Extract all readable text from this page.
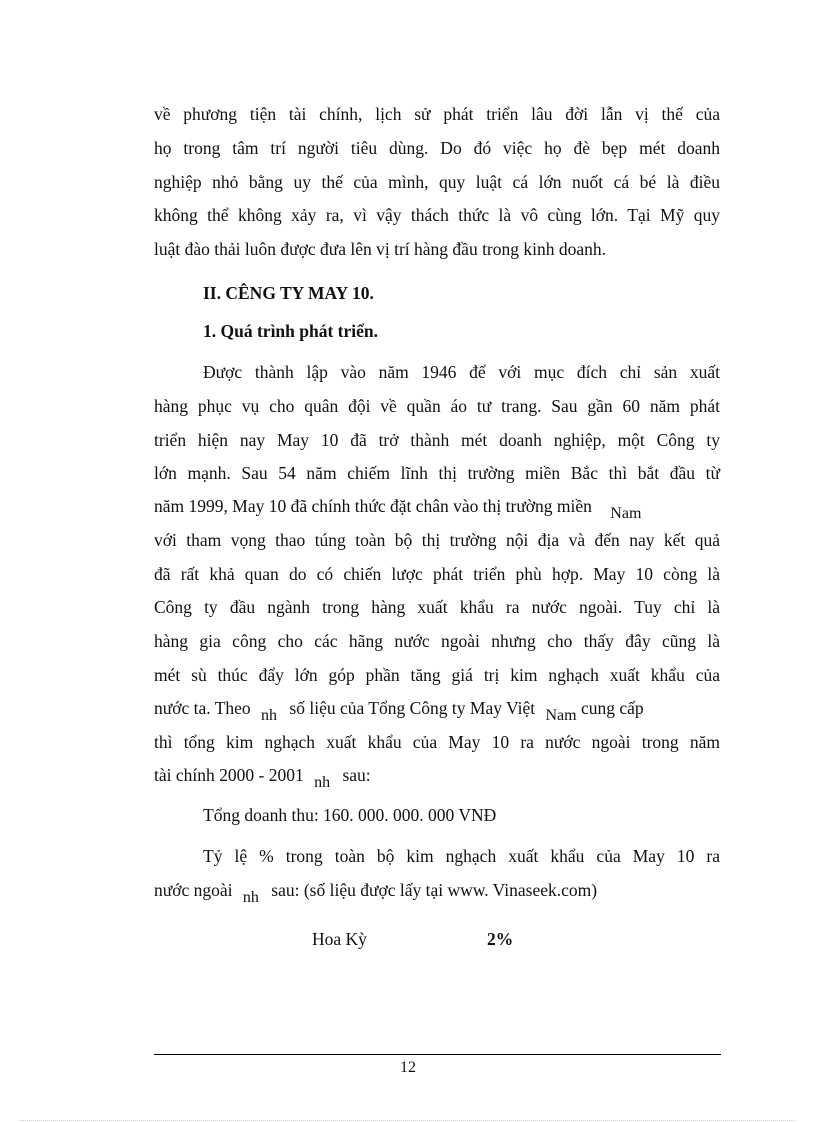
về phương tiện tài chính, lịch sử phát triển lâu đời lẫn vị thế của
họ trong tâm trí người tiêu dùng. Do đó việc họ đè bẹp mét doanh
nghiệp nhỏ bằng uy thế của mình, quy luật cá lớn nuốt cá bé là điều
không thể không xảy ra, vì vậy thách thức là vô cùng lớn. Tại Mỹ quy
luật đào thải luôn được đưa lên vị trí hàng đầu trong kinh doanh.
II. CÊNG TY MAY 10.
1. Quá trình phát triển.
Được thành lập vào năm 1946 để với mục đích chỉ sản xuất
hàng phục vụ cho quân đội về quần áo tư trang. Sau gần 60 năm phát
triển hiện nay May 10 đã trở thành mét doanh nghiệp, một Công ty
lớn mạnh. Sau 54 năm chiếm lĩnh thị trường miền Bắc thì bắt đầu từ
năm 1999, May 10 đã chính thức đặt chân vào thị trường miền Nam
với tham vọng thao túng toàn bộ thị trường nội địa và đến nay kết quả
đã rất khả quan do có chiến lược phát triển phù hợp. May 10 còng là
Công ty đầu ngành trong hàng xuất khẩu ra nước ngoài. Tuy chỉ là
hàng gia công cho các hãng nước ngoài nhưng cho thấy đây cũng là
mét sù thúc đẩy lớn góp phần tăng giá trị kim nghạch xuất khẩu của
nước ta. Theo nh số liệu của Tổng Công ty May Việt Nam cung cấp
thì tổng kim nghạch xuất khẩu của May 10 ra nước ngoài trong năm
tài chính 2000 - 2001 nh sau:
Tổng doanh thu: 160. 000. 000. 000 VNĐ
Tỷ lệ % trong toàn bộ kim nghạch xuất khẩu của May 10 ra
nước ngoài nh sau: (số liệu được lấy tại www. Vinaseek.com)
Hoa Kỳ	2%
12
